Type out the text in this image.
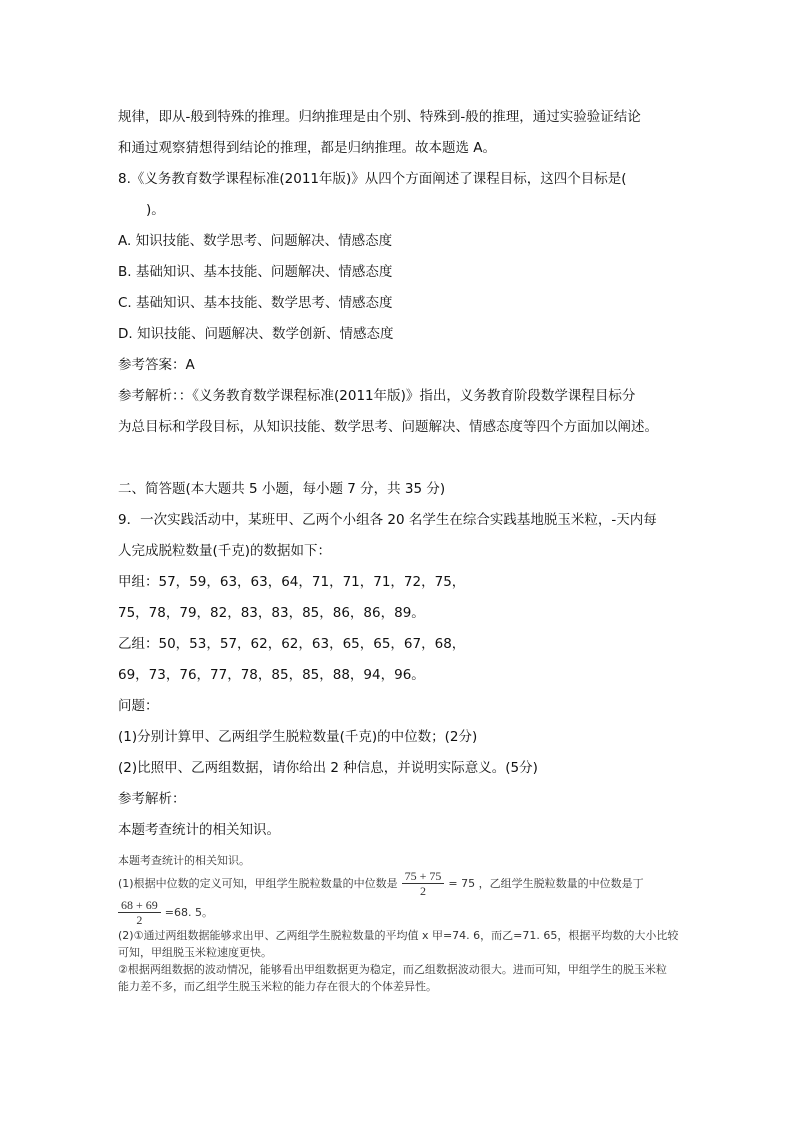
规律，即从-般到特殊的推理。归纳推理是由个别、特殊到-般的推理，通过实验验证结论
和通过观察猜想得到结论的推理，都是归纳推理。故本题选 A。
8.《义务教育数学课程标准(2011年版)》从四个方面阐述了课程目标，这四个目标是(
)。
A. 知识技能、数学思考、问题解决、情感态度
B. 基础知识、基本技能、问题解决、情感态度
C. 基础知识、基本技能、数学思考、情感态度
D. 知识技能、问题解决、数学创新、情感态度
参考答案：A
参考解析：：《义务教育数学课程标准(2011年版)》指出，义务教育阶段数学课程目标分
为总目标和学段目标，从知识技能、数学思考、问题解决、情感态度等四个方面加以阐述。
二、简答题(本大题共 5 小题，每小题 7 分，共 35 分)
9．一次实践活动中，某班甲、乙两个小组各 20 名学生在综合实践基地脱玉米粒，-天内每
人完成脱粒数量(千克)的数据如下：
甲组：57，59，63，63，64，71，71，71，72，75，
75，78，79，82，83，83，85，86，86，89。
乙组：50，53，57，62，62，63，65，65，67，68，
69，73，76，77，78，85，85，88，94，96。
问题：
(1)分别计算甲、乙两组学生脱粒数量(千克)的中位数；(2分)
(2)比照甲、乙两组数据，请你给出 2 种信息，并说明实际意义。(5分)
参考解析：
本题考查统计的相关知识。
本题考查统计的相关知识。
(1)根据中位数的定义可知，甲组学生脱粒数量的中位数是 $\frac{75 + 75}{2} = 75$ ，乙组学生脱粒数量的中位数是丁
$\frac{68 + 69}{2} =68$. 5。
(2)①通过两组数据能够求出甲、乙两组学生脱粒数量的平均值 x 甲=74. 6，而乙=71. 65，根据平均数的大小比较
可知，甲组脱玉米粒速度更快。
②根据两组数据的波动情况，能够看出甲组数据更为稳定，而乙组数据波动很大。进而可知，甲组学生的脱玉米粒
能力差不多，而乙组学生脱玉米粒的能力存在很大的个体差异性。
